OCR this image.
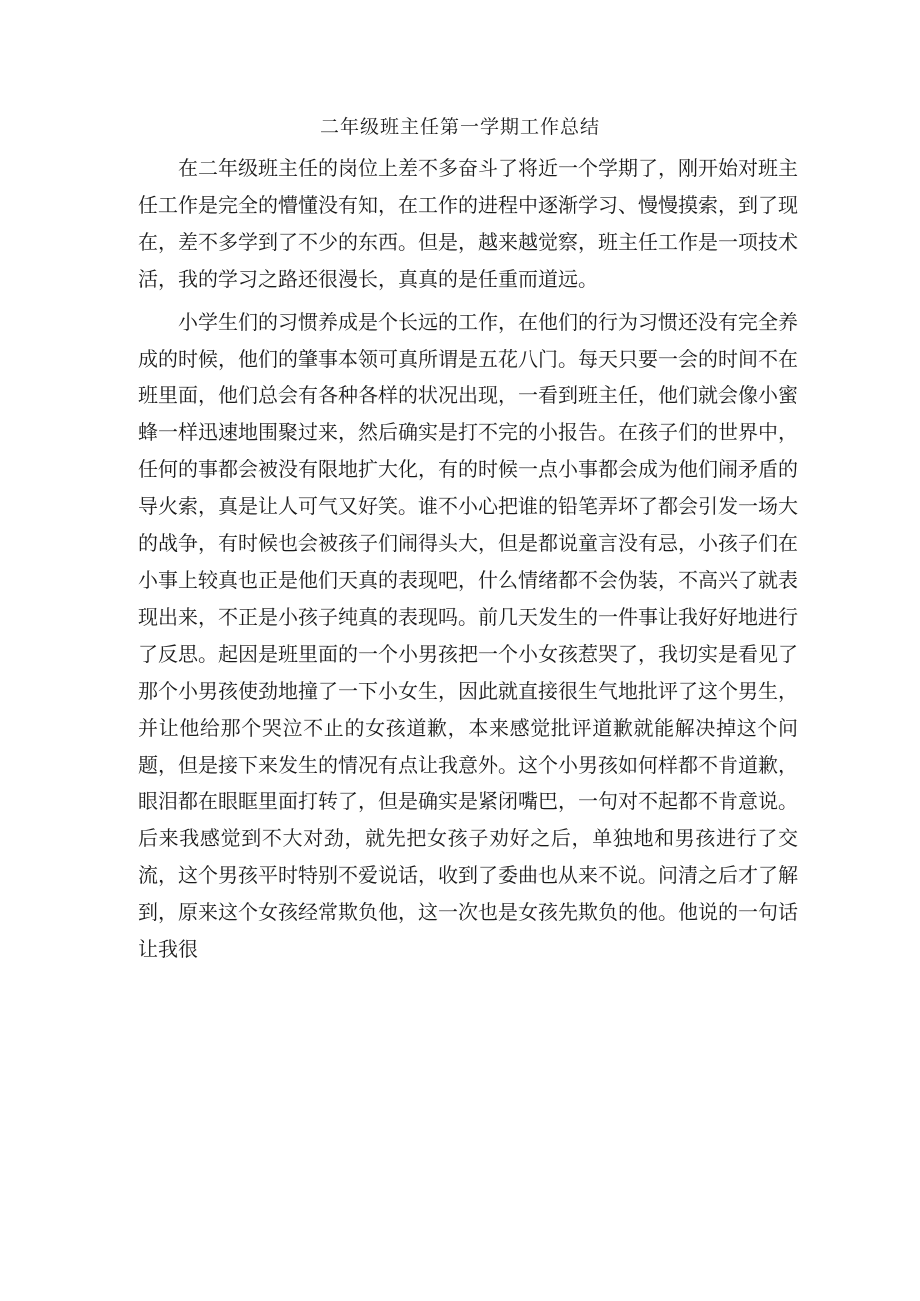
二年级班主任第一学期工作总结

在二年级班主任的岗位上差不多奋斗了将近一个学期了，刚开始对班主任工作是完全的懵懂没有知，在工作的进程中逐渐学习、慢慢摸索，到了现在，差不多学到了不少的东西。但是，越来越觉察，班主任工作是一项技术活，我的学习之路还很漫长，真真的是任重而道远。

小学生们的习惯养成是个长远的工作，在他们的行为习惯还没有完全养成的时候，他们的肇事本领可真所谓是五花八门。每天只要一会的时间不在班里面，他们总会有各种各样的状况出现，一看到班主任，他们就会像小蜜蜂一样迅速地围聚过来，然后确实是打不完的小报告。在孩子们的世界中，任何的事都会被没有限地扩大化，有的时候一点小事都会成为他们闹矛盾的导火索，真是让人可气又好笑。谁不小心把谁的铅笔弄坏了都会引发一场大的战争，有时候也会被孩子们闹得头大，但是都说童言没有忌，小孩子们在小事上较真也正是他们天真的表现吧，什么情绪都不会伪装，不高兴了就表现出来，不正是小孩子纯真的表现吗。前几天发生的一件事让我好好地进行了反思。起因是班里面的一个小男孩把一个小女孩惹哭了，我切实是看见了那个小男孩使劲地撞了一下小女生，因此就直接很生气地批评了这个男生，并让他给那个哭泣不止的女孩道歉，本来感觉批评道歉就能解决掉这个问题，但是接下来发生的情况有点让我意外。这个小男孩如何样都不肯道歉，眼泪都在眼眶里面打转了，但是确实是紧闭嘴巴，一句对不起都不肯意说。后来我感觉到不大对劲，就先把女孩子劝好之后，单独地和男孩进行了交流，这个男孩平时特别不爱说话，收到了委曲也从来不说。问清之后才了解到，原来这个女孩经常欺负他，这一次也是女孩先欺负的他。他说的一句话让我很
